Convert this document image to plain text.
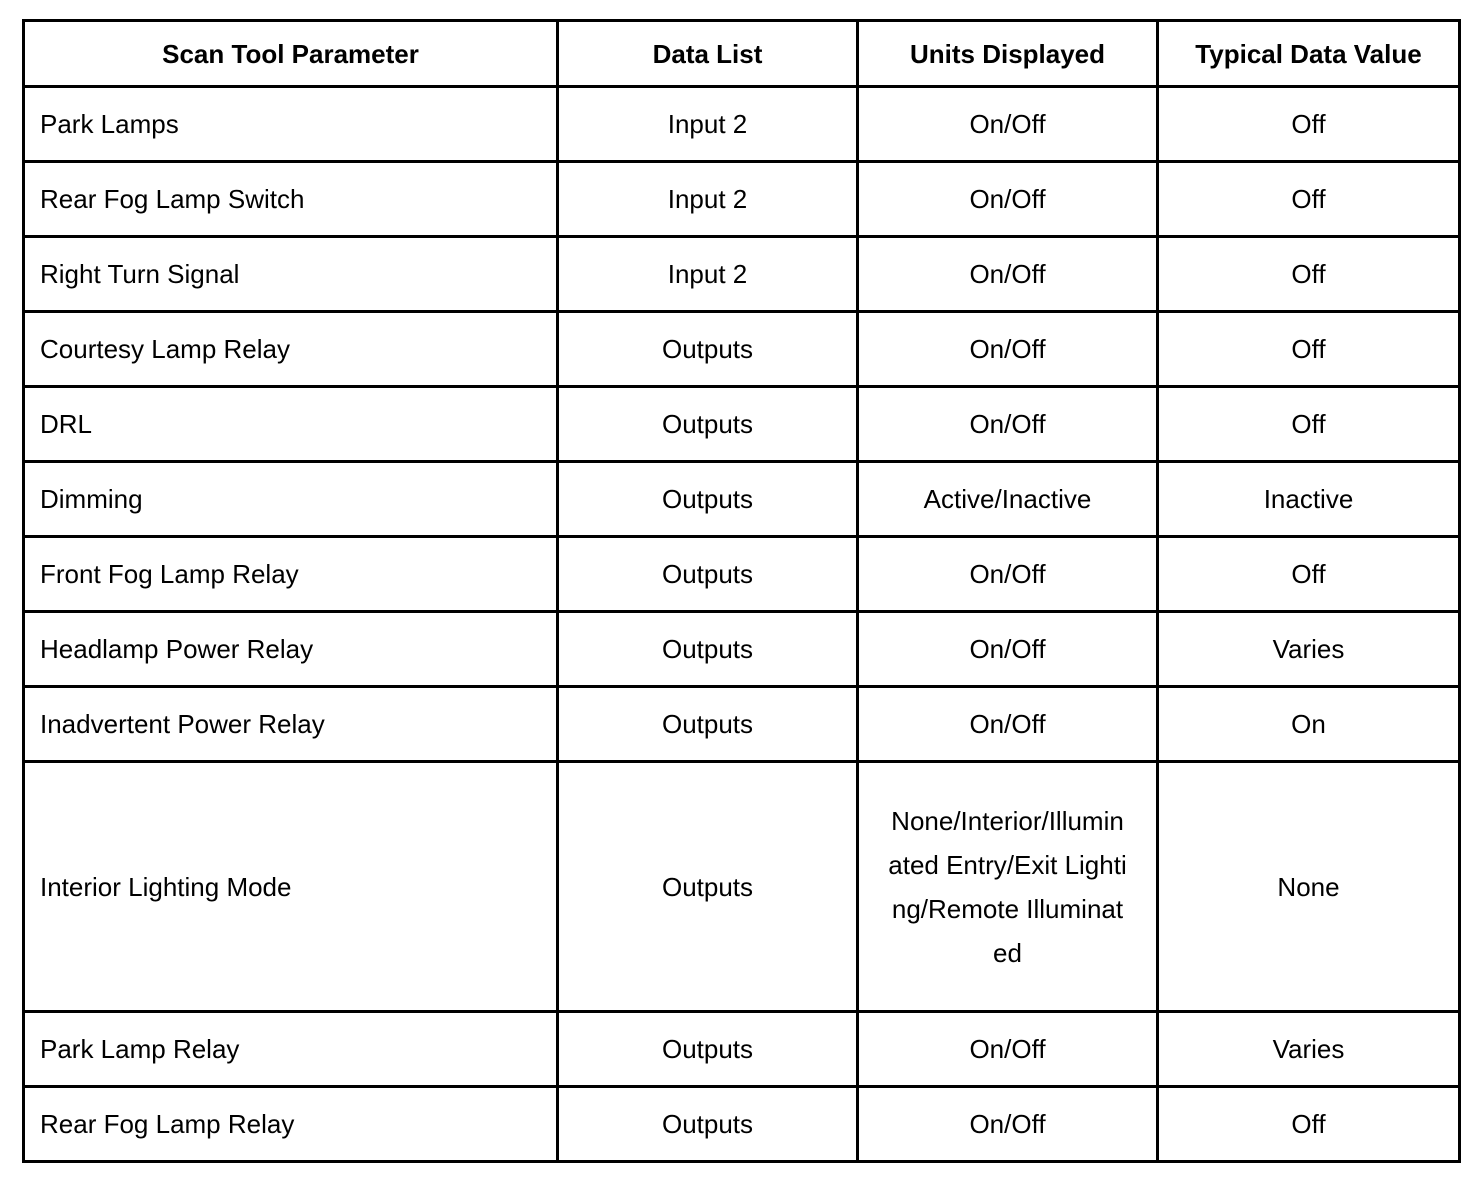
Scan Tool Parameter	Data List	Units Displayed	Typical Data Value
Park Lamps	Input 2	On/Off	Off
Rear Fog Lamp Switch	Input 2	On/Off	Off
Right Turn Signal	Input 2	On/Off	Off
Courtesy Lamp Relay	Outputs	On/Off	Off
DRL	Outputs	On/Off	Off
Dimming	Outputs	Active/Inactive	Inactive
Front Fog Lamp Relay	Outputs	On/Off	Off
Headlamp Power Relay	Outputs	On/Off	Varies
Inadvertent Power Relay	Outputs	On/Off	On
Interior Lighting Mode	Outputs	None/Interior/Illuminated Entry/Exit Lighting/Remote Illuminated	None
Park Lamp Relay	Outputs	On/Off	Varies
Rear Fog Lamp Relay	Outputs	On/Off	Off
